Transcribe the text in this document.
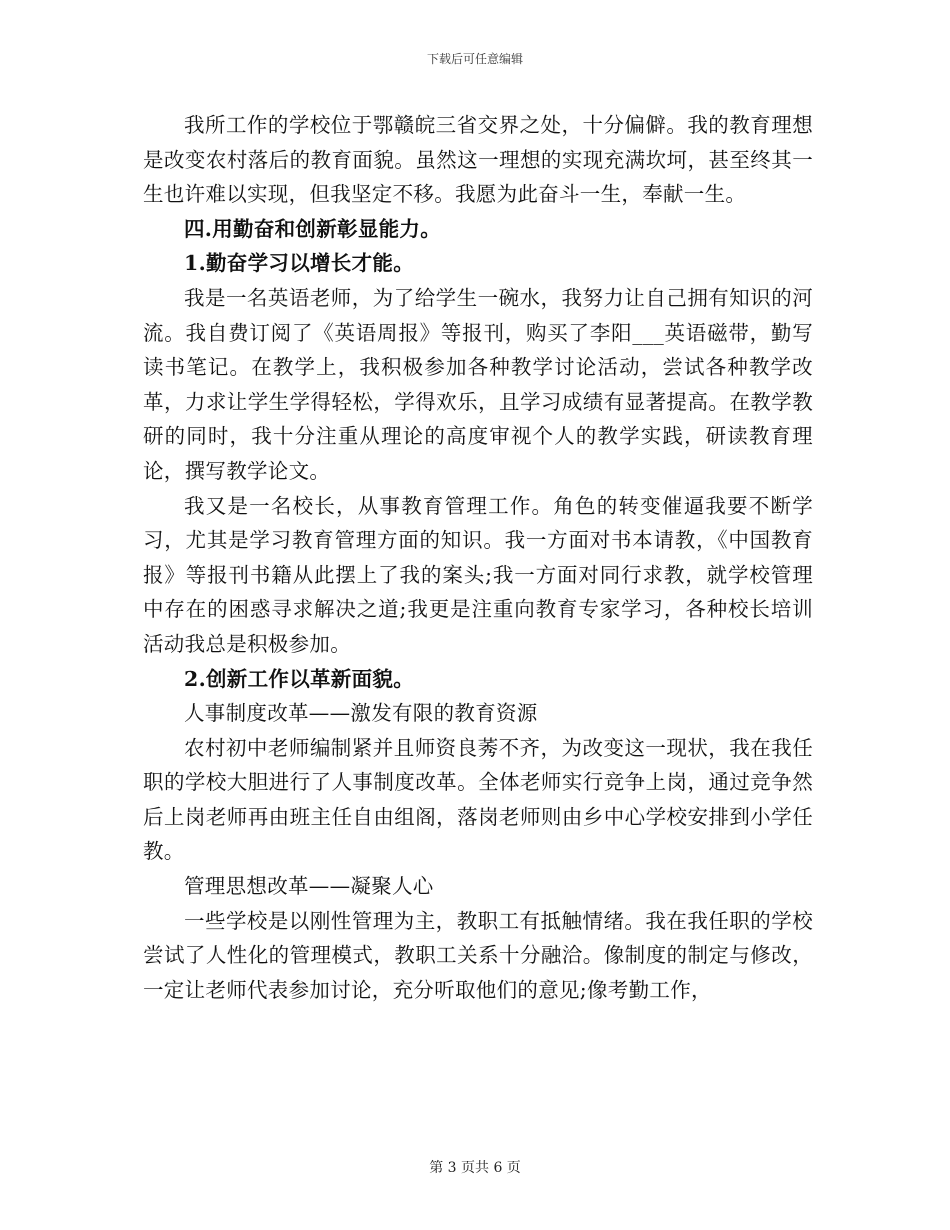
下载后可任意编辑

我所工作的学校位于鄂赣皖三省交界之处，十分偏僻。我的教育理想是改变农村落后的教育面貌。虽然这一理想的实现充满坎坷，甚至终其一生也许难以实现，但我坚定不移。我愿为此奋斗一生，奉献一生。

四.用勤奋和创新彰显能力。

1.勤奋学习以增长才能。

我是一名英语老师，为了给学生一碗水，我努力让自己拥有知识的河流。我自费订阅了《英语周报》等报刊，购买了李阳___英语磁带，勤写读书笔记。在教学上，我积极参加各种教学讨论活动，尝试各种教学改革，力求让学生学得轻松，学得欢乐，且学习成绩有显著提高。在教学教研的同时，我十分注重从理论的高度审视个人的教学实践，研读教育理论，撰写教学论文。

我又是一名校长，从事教育管理工作。角色的转变催逼我要不断学习，尤其是学习教育管理方面的知识。我一方面对书本请教，《中国教育报》等报刊书籍从此摆上了我的案头;我一方面对同行求教，就学校管理中存在的困惑寻求解决之道;我更是注重向教育专家学习，各种校长培训活动我总是积极参加。

2.创新工作以革新面貌。

人事制度改革——激发有限的教育资源

农村初中老师编制紧并且师资良莠不齐，为改变这一现状，我在我任职的学校大胆进行了人事制度改革。全体老师实行竞争上岗，通过竞争然后上岗老师再由班主任自由组阁，落岗老师则由乡中心学校安排到小学任教。

管理思想改革——凝聚人心

一些学校是以刚性管理为主，教职工有抵触情绪。我在我任职的学校尝试了人性化的管理模式，教职工关系十分融洽。像制度的制定与修改，一定让老师代表参加讨论，充分听取他们的意见;像考勤工作，

第 3 页共 6 页
